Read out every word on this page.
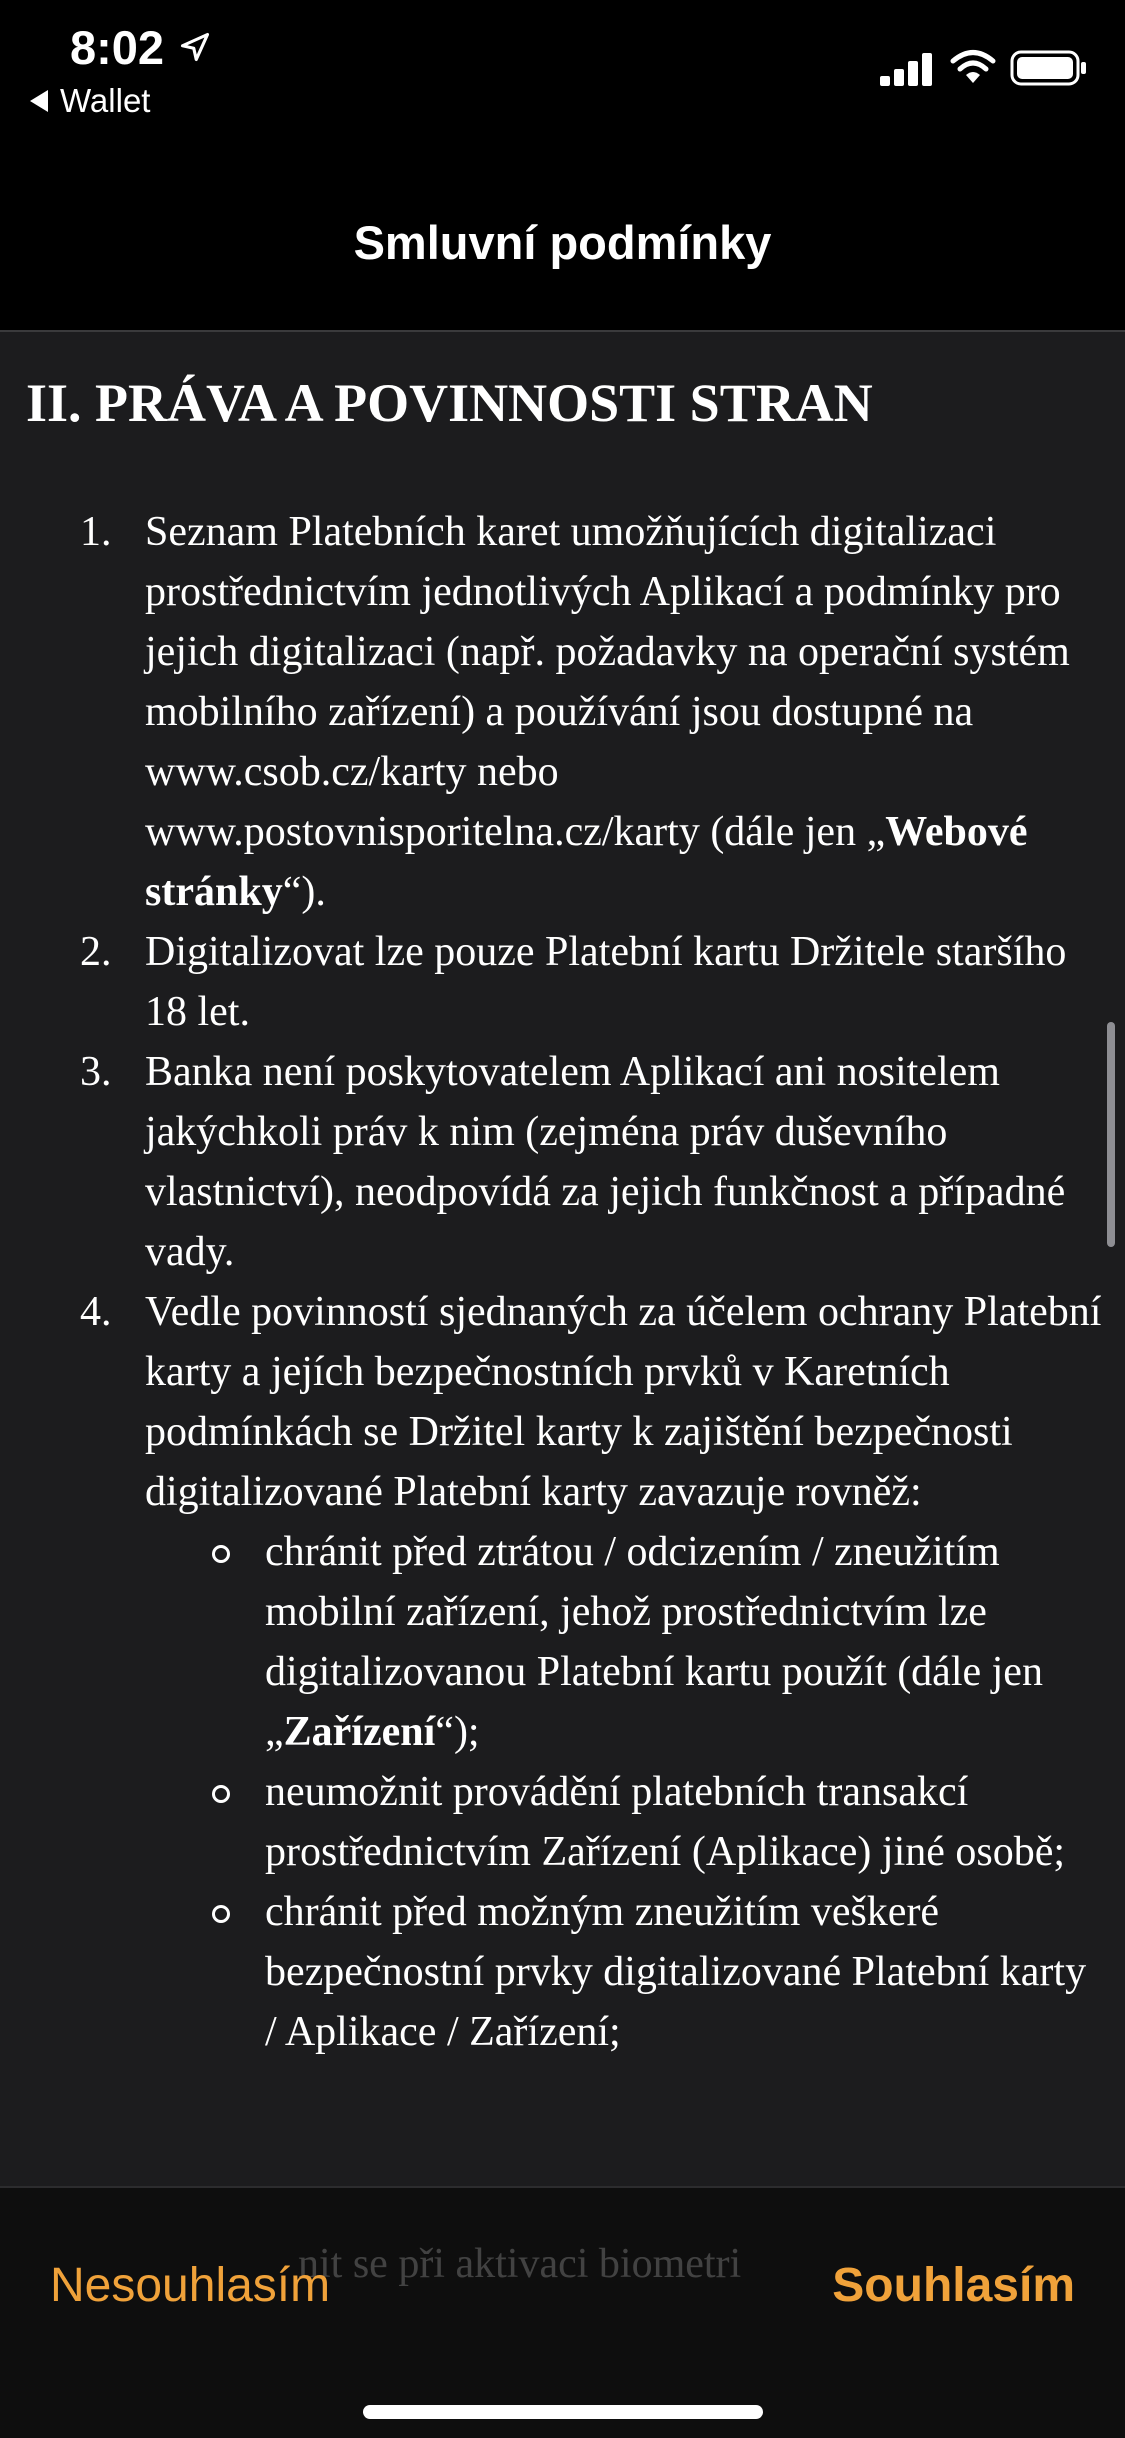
8:02
Wallet
Smluvní podmínky
II. PRÁVA A POVINNOSTI STRAN
1. Seznam Platebních karet umožňujících digitalizaci prostřednictvím jednotlivých Aplikací a podmínky pro jejich digitalizaci (např. požadavky na operační systém mobilního zařízení) a používání jsou dostupné na www.csob.cz/karty nebo www.postovnisporitelna.cz/karty (dále jen „Webové stránky“).
2. Digitalizovat lze pouze Platební kartu Držitele staršího 18 let.
3. Banka není poskytovatelem Aplikací ani nositelem jakýchkoli práv k nim (zejména práv duševního vlastnictví), neodpovídá za jejich funkčnost a případné vady.
4. Vedle povinností sjednaných za účelem ochrany Platební karty a jejích bezpečnostních prvků v Karetních podmínkách se Držitel karty k zajištění bezpečnosti digitalizované Platební karty zavazuje rovněž:
chránit před ztrátou / odcizením / zneužitím mobilní zařízení, jehož prostřednictvím lze digitalizovanou Platební kartu použít (dále jen „Zařízení“);
neumožnit provádění platebních transakcí prostřednictvím Zařízení (Aplikace) jiné osobě;
chránit před možným zneužitím veškeré bezpečnostní prvky digitalizované Platební karty / Aplikace / Zařízení;
nit se při aktivaci biometri
Nesouhlasím	Souhlasím
